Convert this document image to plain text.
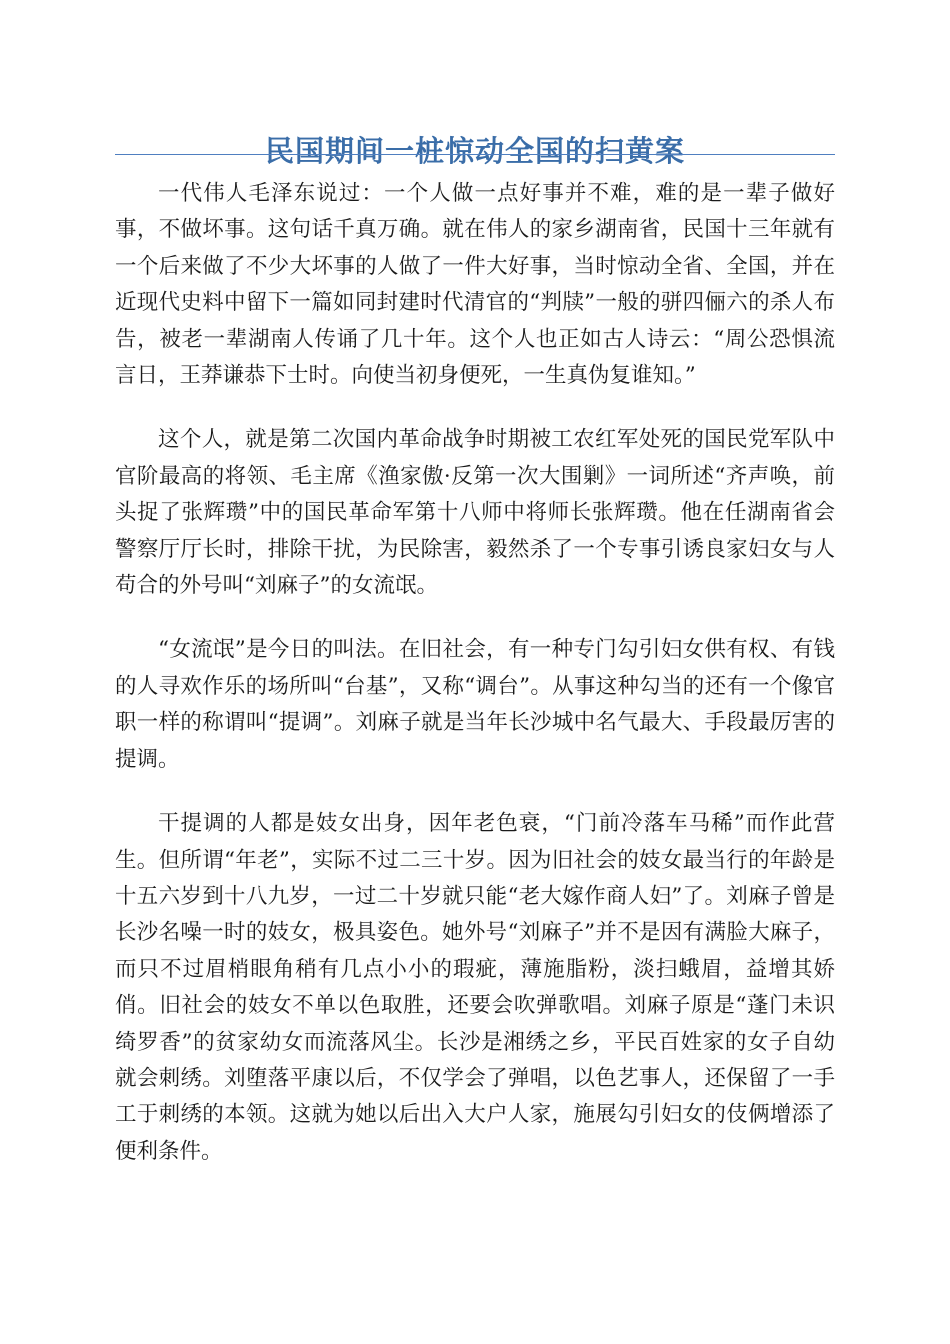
民国期间一桩惊动全国的扫黄案

一代伟人毛泽东说过：一个人做一点好事并不难，难的是一辈子做好事，不做坏事。这句话千真万确。就在伟人的家乡湖南省，民国十三年就有一个后来做了不少大坏事的人做了一件大好事，当时惊动全省、全国，并在近现代史料中留下一篇如同封建时代清官的“判牍”一般的骈四俪六的杀人布告，被老一辈湖南人传诵了几十年。这个人也正如古人诗云：“周公恐惧流言日，王莽谦恭下士时。向使当初身便死，一生真伪复谁知。”

这个人，就是第二次国内革命战争时期被工农红军处死的国民党军队中官阶最高的将领、毛主席《渔家傲·反第一次大围剿》一词所述“齐声唤，前头捉了张辉瓒”中的国民革命军第十八师中将师长张辉瓒。他在任湖南省会警察厅厅长时，排除干扰，为民除害，毅然杀了一个专事引诱良家妇女与人苟合的外号叫“刘麻子”的女流氓。

“女流氓”是今日的叫法。在旧社会，有一种专门勾引妇女供有权、有钱的人寻欢作乐的场所叫“台基”，又称“调台”。从事这种勾当的还有一个像官职一样的称谓叫“提调”。刘麻子就是当年长沙城中名气最大、手段最厉害的提调。

干提调的人都是妓女出身，因年老色衰，“门前冷落车马稀”而作此营生。但所谓“年老”，实际不过二三十岁。因为旧社会的妓女最当行的年龄是十五六岁到十八九岁，一过二十岁就只能“老大嫁作商人妇”了。刘麻子曾是长沙名噪一时的妓女，极具姿色。她外号“刘麻子”并不是因有满脸大麻子，而只不过眉梢眼角稍有几点小小的瑕疵，薄施脂粉，淡扫蛾眉，益增其娇俏。旧社会的妓女不单以色取胜，还要会吹弹歌唱。刘麻子原是“蓬门未识绮罗香”的贫家幼女而流落风尘。长沙是湘绣之乡，平民百姓家的女子自幼就会刺绣。刘堕落平康以后，不仅学会了弹唱，以色艺事人，还保留了一手工于刺绣的本领。这就为她以后出入大户人家，施展勾引妇女的伎俩增添了便利条件。
